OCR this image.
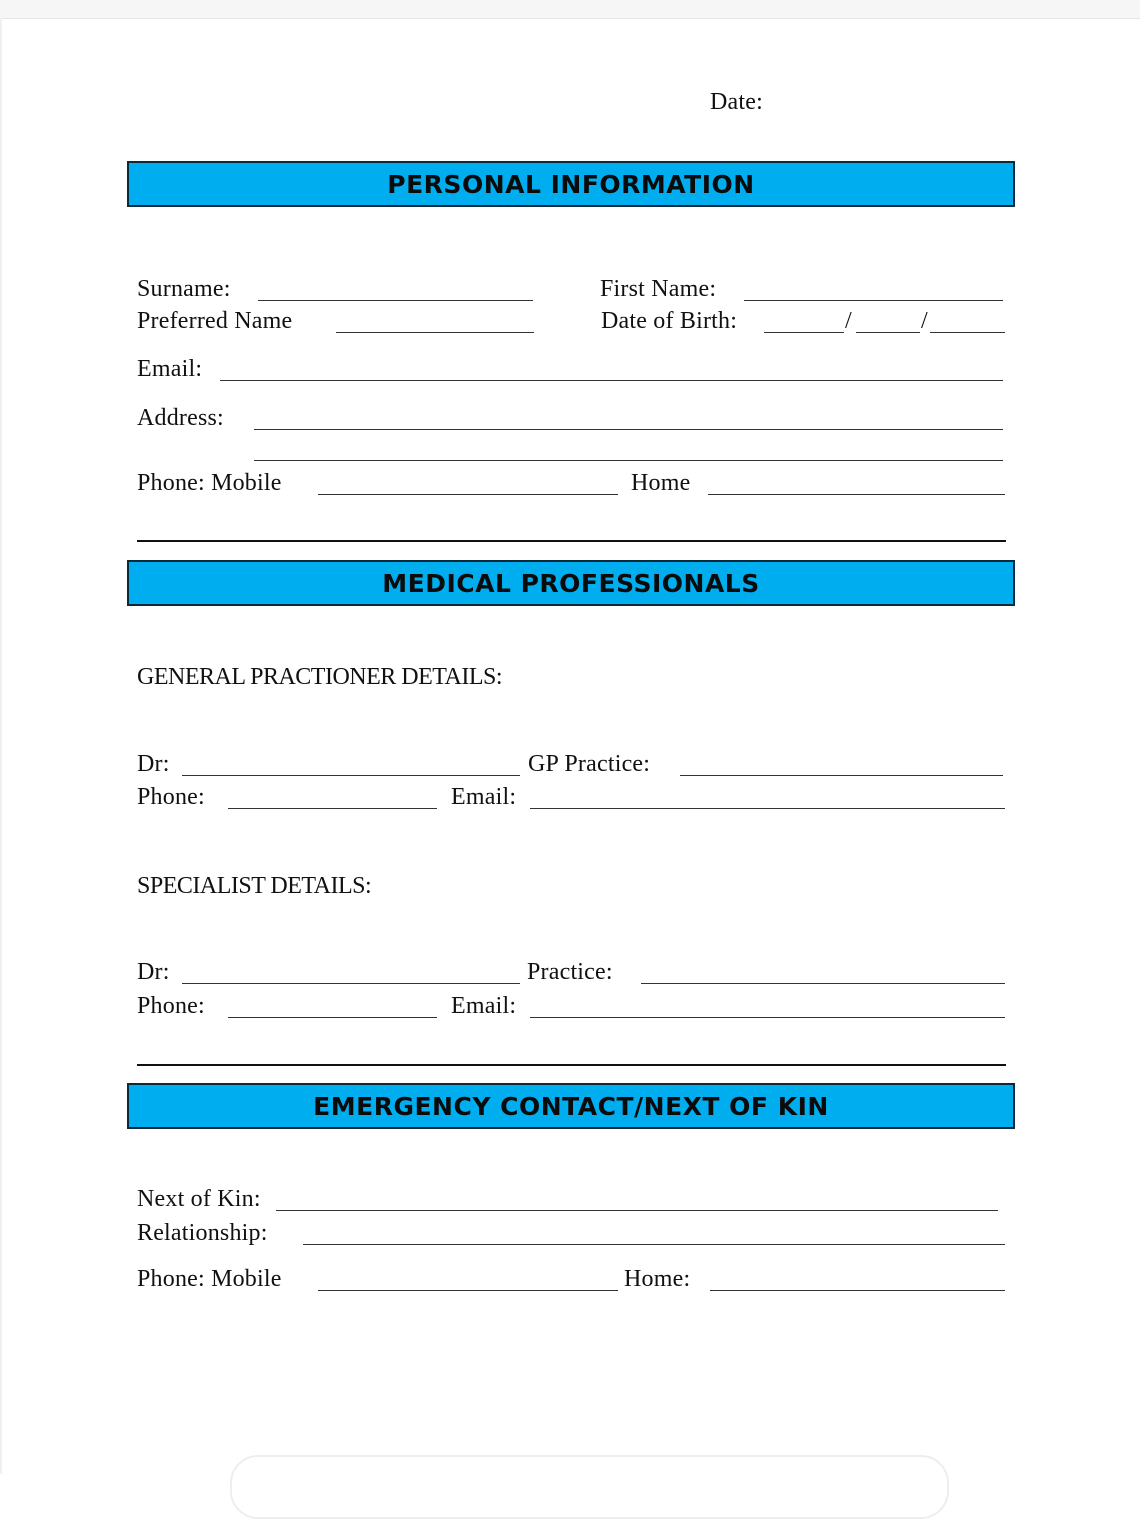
Date:
PERSONAL INFORMATION
Surname:	First Name:
Preferred Name	Date of Birth:	/	/
Email:
Address:
Phone: Mobile	Home
MEDICAL PROFESSIONALS
GENERAL PRACTIONER DETAILS:
Dr:	GP Practice:
Phone:	Email:
SPECIALIST DETAILS:
Dr:	Practice:
Phone:	Email:
EMERGENCY CONTACT/NEXT OF KIN
Next of Kin:
Relationship:
Phone: Mobile	Home:
